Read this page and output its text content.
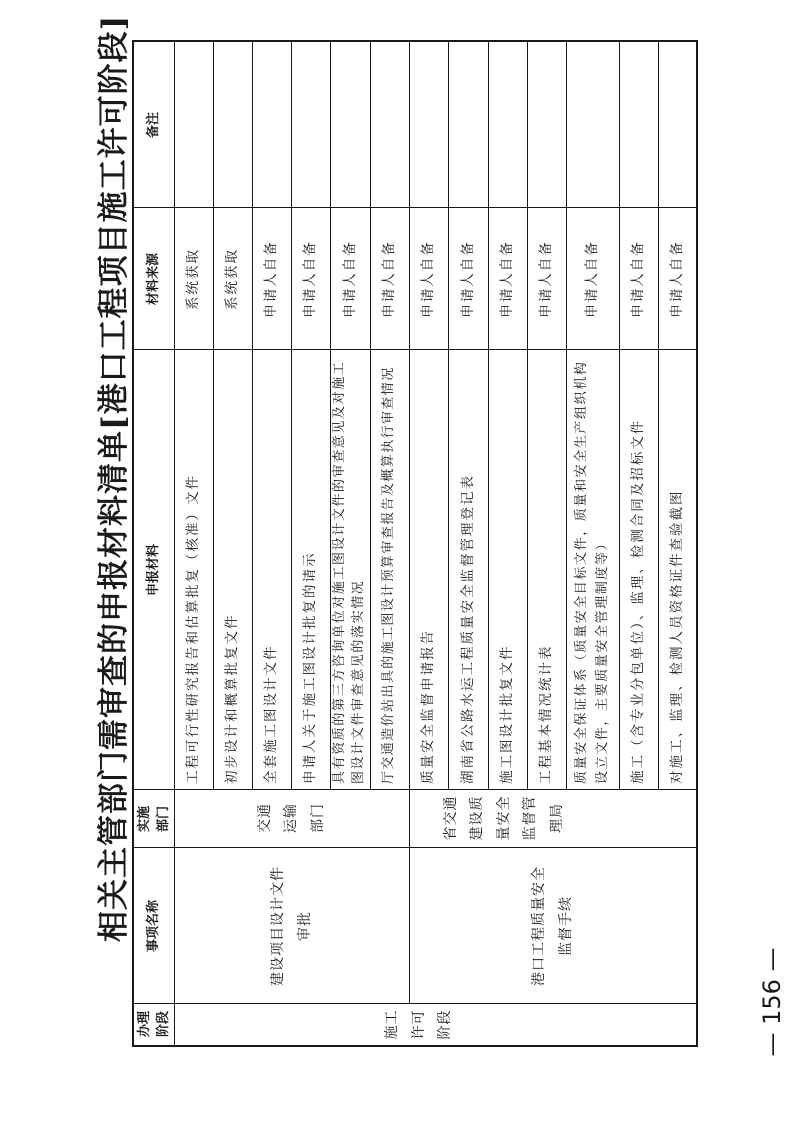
— 156 —
相关主管部门需审查的申报材料清单[港口工程项目施工许可阶段]
办理阶段
事项名称
实施部门
申报材料
材料来源
备注
施工许可阶段
建设项目设计文件审批
交通运输部门
港口工程质量安全监督手续
省交通建设质量安全监督管理局
工程可行性研究报告和估算批复（核准）文件
系统获取
初步设计和概算批复文件
系统获取
全套施工图设计文件
申请人自备
申请人关于施工图设计批复的请示
申请人自备
具有资质的第三方咨询单位对施工图设计文件的审查意见及对施工图设计文件审查意见的落实情况
申请人自备
厅交通造价站出具的施工图设计预算审查报告及概算执行审查情况
申请人自备
质量安全监督申请报告
申请人自备
湖南省公路水运工程质量安全监督管理登记表
申请人自备
施工图设计批复文件
申请人自备
工程基本情况统计表
申请人自备
质量安全保证体系（质量安全目标文件，质量和安全生产组织机构设立文件，主要质量安全管理制度等）
申请人自备
施工（含专业分包单位）、监理、检测合同及招标文件
申请人自备
对施工、监理、检测人员资格证件查验截图
申请人自备
